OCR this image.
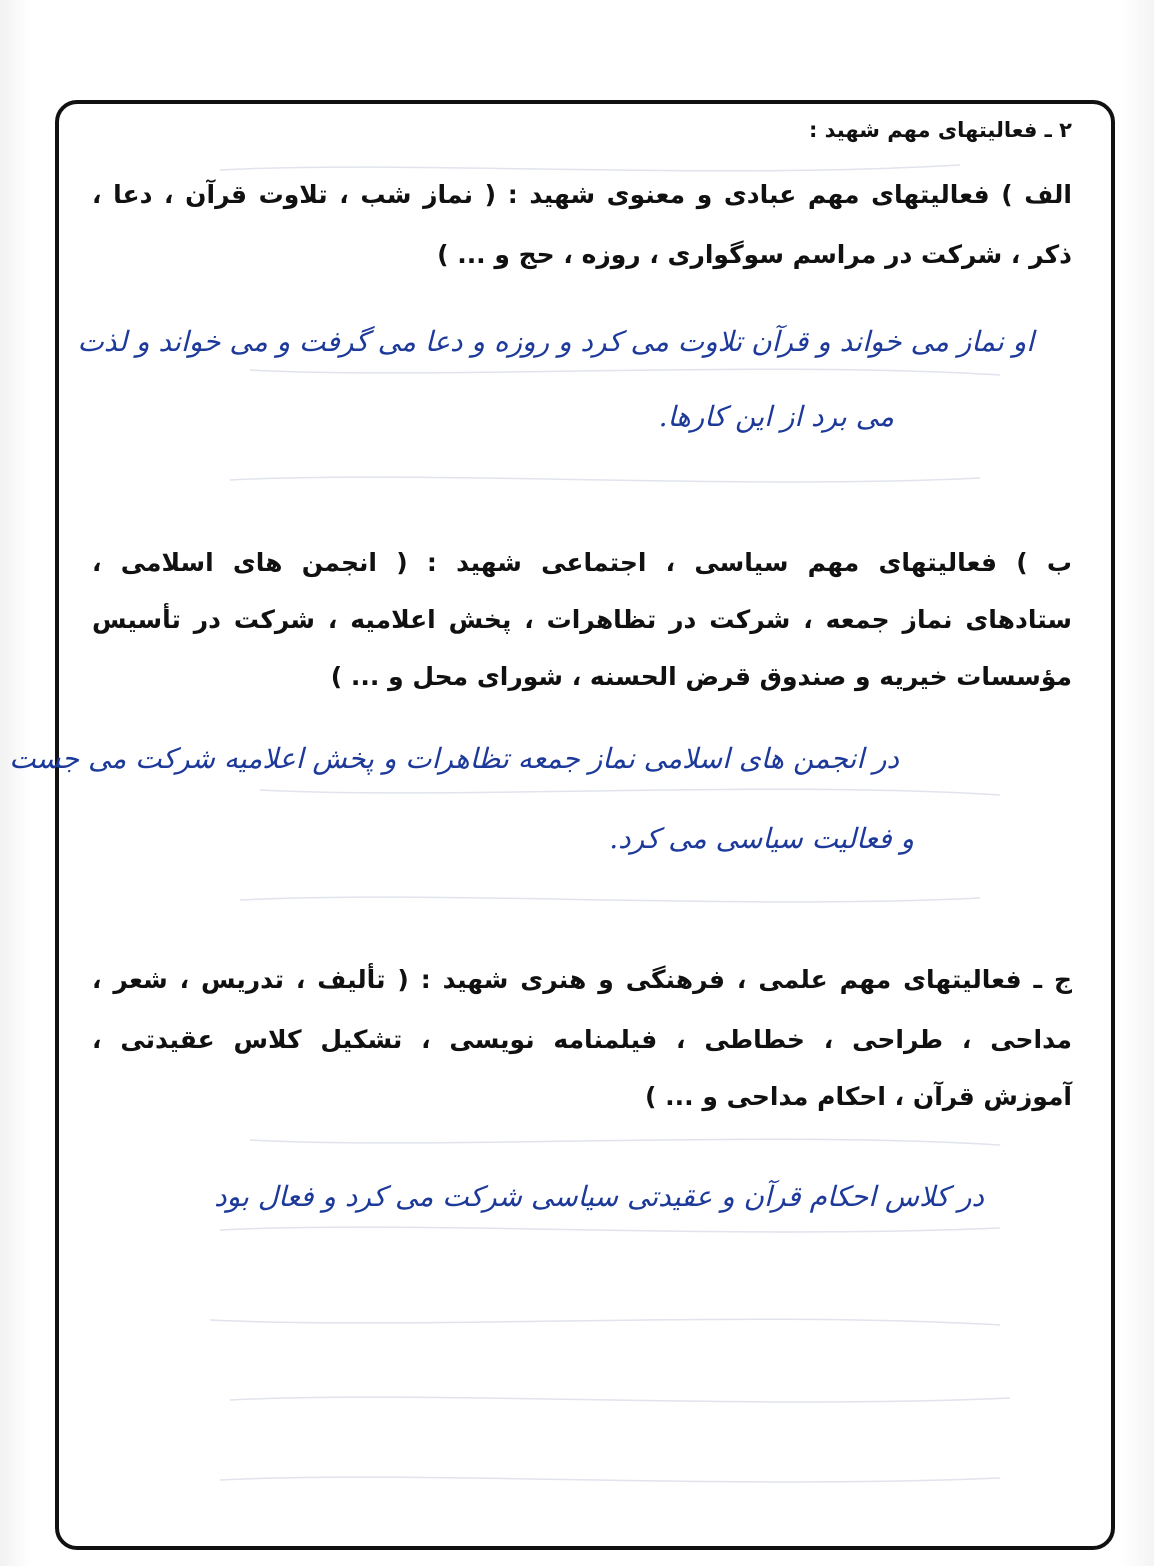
۲ ـ فعالیتهای مهم شهید :

الف ) فعالیتهای مهم عبادی و معنوی شهید : ( نماز شب ، تلاوت قرآن ، دعا ،

ذکر ، شرکت در مراسم سوگواری ، روزه ، حج و ... )

او نماز می خواند و قرآن تلاوت می کرد و روزه و دعا می گرفت و می خواند و لذت

می برد از این کارها.

ب ) فعالیتهای مهم سیاسی ، اجتماعی شهید : ( انجمن های اسلامی ،

ستادهای نماز جمعه ، شرکت در تظاهرات ، پخش اعلامیه ، شرکت در تأسیس

مؤسسات خیریه و صندوق قرض الحسنه ، شورای محل و ... )

در انجمن های اسلامی نماز جمعه تظاهرات و پخش اعلامیه شرکت می جست

و فعالیت سیاسی می کرد.

ج ـ فعالیتهای مهم علمی ، فرهنگی و هنری شهید : ( تألیف ، تدریس ، شعر ،

مداحی ، طراحی ، خطاطی ، فیلمنامه نویسی ، تشکیل کلاس عقیدتی ،

آموزش قرآن ، احکام مداحی و ... )

در کلاس احکام قرآن و عقیدتی سیاسی شرکت می کرد و فعال بود
